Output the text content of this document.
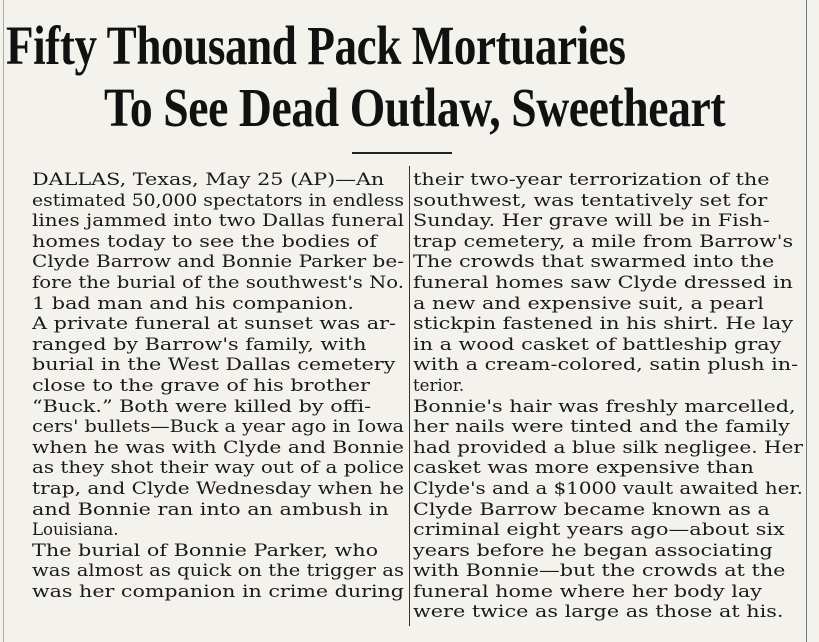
Fifty Thousand Pack Mortuaries
To See Dead Outlaw, Sweetheart
DALLAS, Texas, May 25 (AP)—An
estimated 50,000 spectators in endless
lines jammed into two Dallas funeral
homes today to see the bodies of
Clyde Barrow and Bonnie Parker be-
fore the burial of the southwest's No.
1 bad man and his companion.
A private funeral at sunset was ar-
ranged by Barrow's family, with
burial in the West Dallas cemetery
close to the grave of his brother
“Buck.” Both were killed by offi-
cers' bullets—Buck a year ago in Iowa
when he was with Clyde and Bonnie
as they shot their way out of a police
trap, and Clyde Wednesday when he
and Bonnie ran into an ambush in
Louisiana.
The burial of Bonnie Parker, who
was almost as quick on the trigger as
was her companion in crime during
their two-year terrorization of the
southwest, was tentatively set for
Sunday. Her grave will be in Fish-
trap cemetery, a mile from Barrow's
The crowds that swarmed into the
funeral homes saw Clyde dressed in
a new and expensive suit, a pearl
stickpin fastened in his shirt. He lay
in a wood casket of battleship gray
with a cream-colored, satin plush in-
terior.
Bonnie's hair was freshly marcelled,
her nails were tinted and the family
had provided a blue silk negligee. Her
casket was more expensive than
Clyde's and a $1000 vault awaited her.
Clyde Barrow became known as a
criminal eight years ago—about six
years before he began associating
with Bonnie—but the crowds at the
funeral home where her body lay
were twice as large as those at his.
